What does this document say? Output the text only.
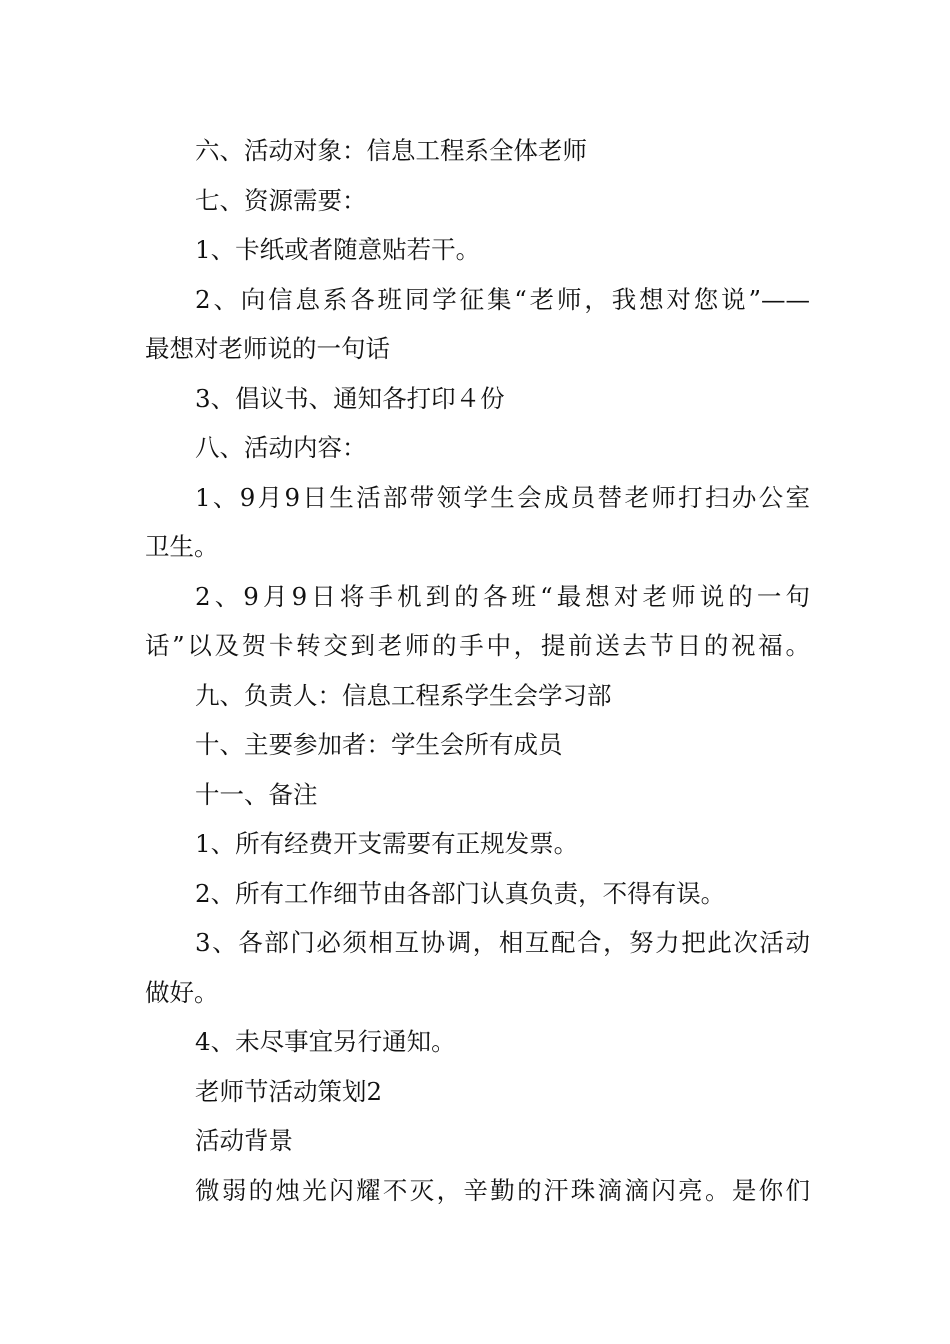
六、活动对象：信息工程系全体老师

七、资源需要：

1、卡纸或者随意贴若干。

2、向信息系各班同学征集“老师，我想对您说”——

最想对老师说的一句话

3、倡议书、通知各打印４份

八、活动内容：

1、9月9日生活部带领学生会成员替老师打扫办公室

卫生。

2、9月9日将手机到的各班“最想对老师说的一句

话”以及贺卡转交到老师的手中，提前送去节日的祝福。

九、负责人：信息工程系学生会学习部

十、主要参加者：学生会所有成员

十一、备注

1、所有经费开支需要有正规发票。

2、所有工作细节由各部门认真负责，不得有误。

3、各部门必须相互协调，相互配合，努力把此次活动

做好。

4、未尽事宜另行通知。

老师节活动策划2

活动背景

微弱的烛光闪耀不灭，辛勤的汗珠滴滴闪亮。是你们
